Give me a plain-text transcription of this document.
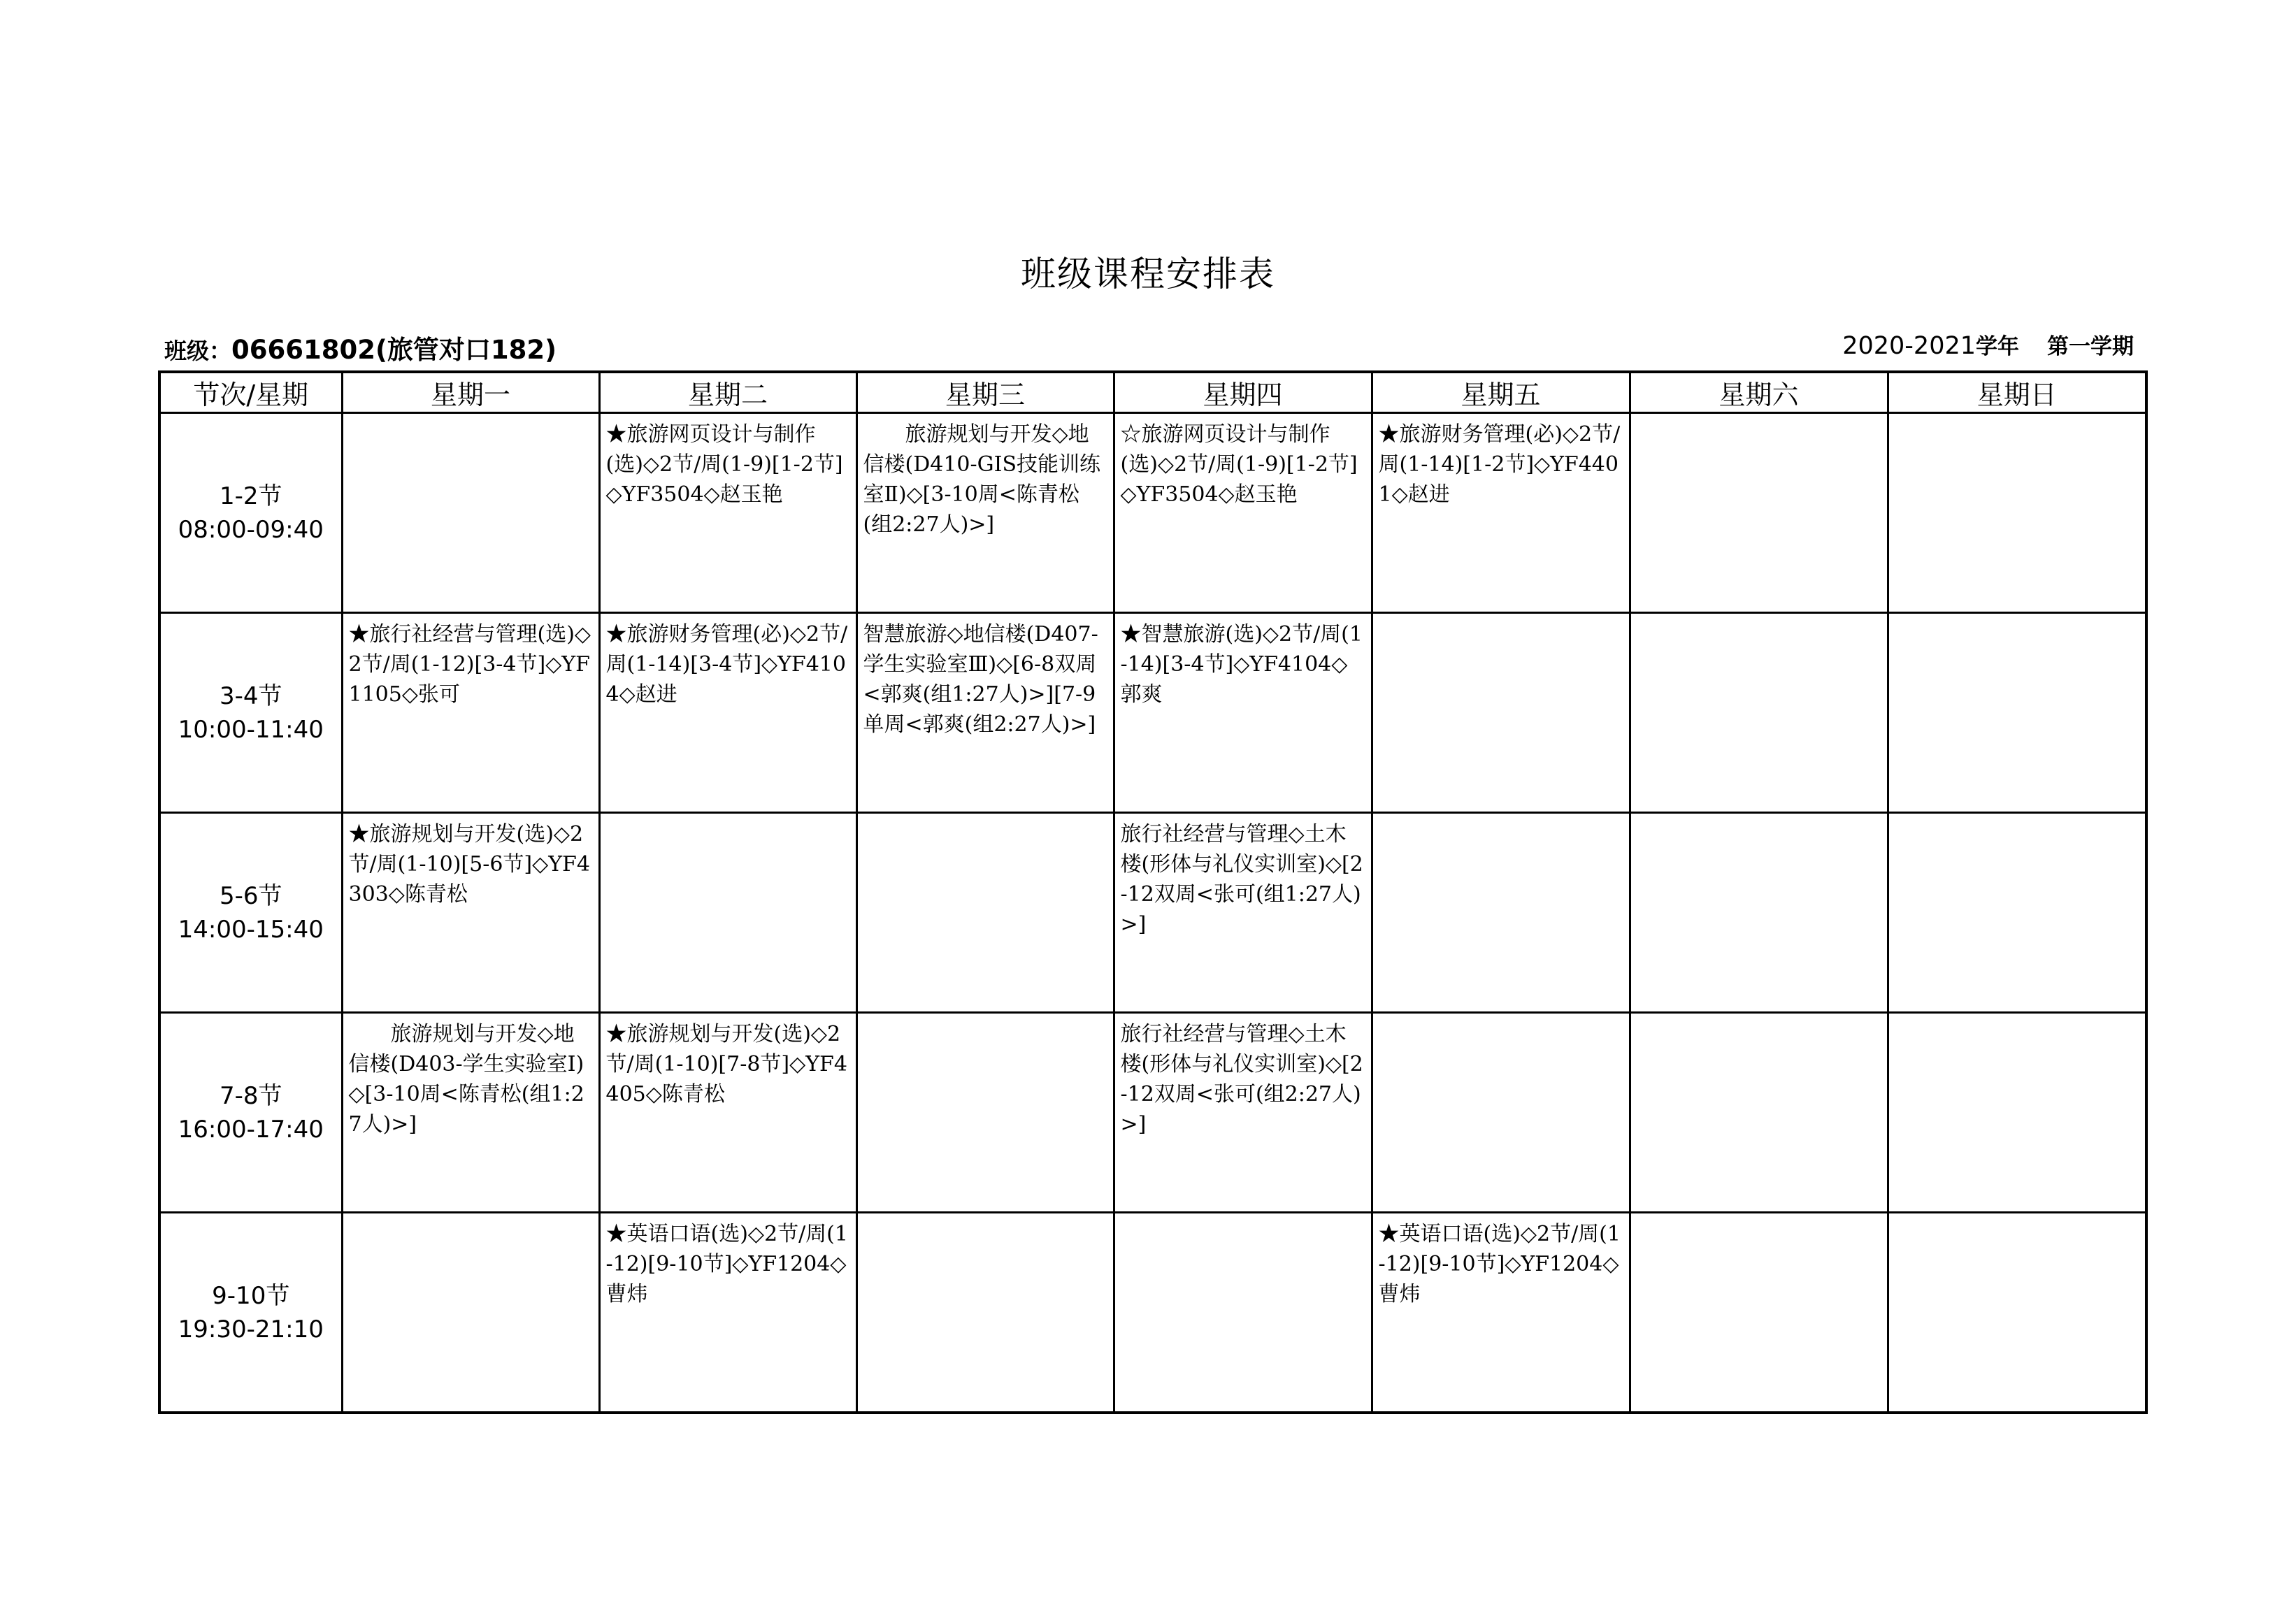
班级课程安排表
班级：06661802(旅管对口182)	2020-2021学年 第一学期
节次/星期	星期一	星期二	星期三	星期四	星期五	星期六	星期日
1-2节
08:00-09:40		★旅游网页设计与制作(选)◇2节/周(1-9)[1-2节]◇YF3504◇赵玉艳	旅游规划与开发◇地信楼(D410-GIS技能训练室Ⅱ)◇[3-10周<陈青松(组2:27人)>]	☆旅游网页设计与制作(选)◇2节/周(1-9)[1-2节]◇YF3504◇赵玉艳	★旅游财务管理(必)◇2节/周(1-14)[1-2节]◇YF4401◇赵进		

3-4节
10:00-11:40	★旅行社经营与管理(选)◇2节/周(1-12)[3-4节]◇YF1105◇张可	★旅游财务管理(必)◇2节/周(1-14)[3-4节]◇YF4104◇赵进	智慧旅游◇地信楼(D407-学生实验室Ⅲ)◇[6-8双周<郭爽(组1:27人)>][7-9单周<郭爽(组2:27人)>]	★智慧旅游(选)◇2节/周(1-14)[3-4节]◇YF4104◇郭爽			

5-6节
14:00-15:40	★旅游规划与开发(选)◇2节/周(1-10)[5-6节]◇YF4303◇陈青松			旅行社经营与管理◇土木楼(形体与礼仪实训室)◇[2-12双周<张可(组1:27人)>]			

7-8节
16:00-17:40	旅游规划与开发◇地信楼(D403-学生实验室Ⅰ)◇[3-10周<陈青松(组1:27人)>]	★旅游规划与开发(选)◇2节/周(1-10)[7-8节]◇YF4405◇陈青松		旅行社经营与管理◇土木楼(形体与礼仪实训室)◇[2-12双周<张可(组2:27人)>]			

9-10节
19:30-21:10		★英语口语(选)◇2节/周(1-12)[9-10节]◇YF1204◇曹炜			★英语口语(选)◇2节/周(1-12)[9-10节]◇YF1204◇曹炜		
